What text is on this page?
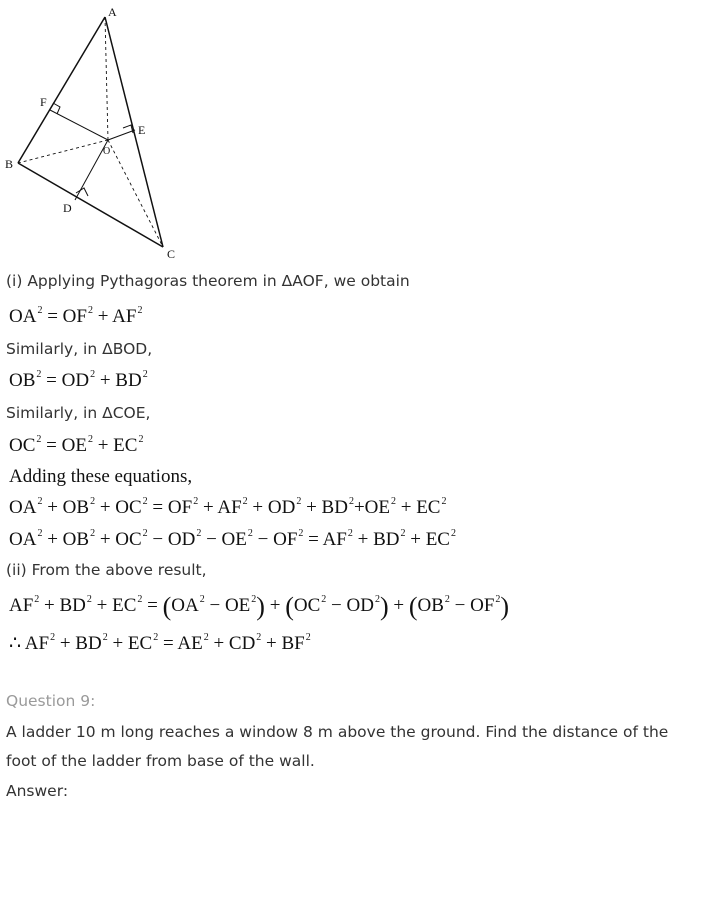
A
B
C
D
E
F
O
(i) Applying Pythagoras theorem in ΔAOF, we obtain
$OA^2 = OF^2 + AF^2$
Similarly, in ΔBOD,
$OB^2 = OD^2 + BD^2$
Similarly, in ΔCOE,
$OC^2 = OE^2 + EC^2$
Adding these equations,
$OA^2 + OB^2 + OC^2 = OF^2 + AF^2 + OD^2 + BD^2+OE^2 + EC^2$
$OA^2 + OB^2 + OC^2 - OD^2 - OE^2 - OF^2 = AF^2 + BD^2 + EC^2$
(ii) From the above result,
$AF^2 + BD^2 + EC^2 = (OA^2 - OE^2) + (OC^2 - OD^2) + (OB^2 - OF^2)$
∴ $AF^2 + BD^2 + EC^2 = AE^2 + CD^2 + BF^2$
Question 9:
A ladder 10 m long reaches a window 8 m above the ground. Find the distance of the
foot of the ladder from base of the wall.
Answer:
